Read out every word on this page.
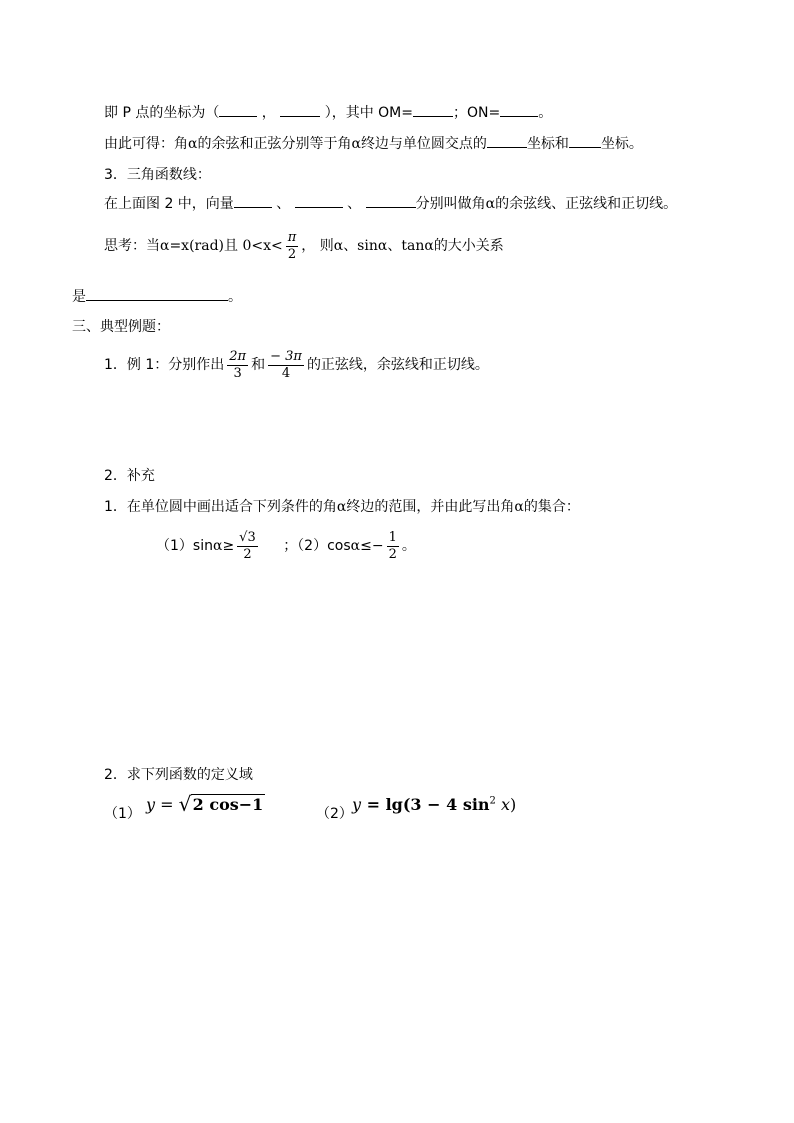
即 P 点的坐标为（	，	），其中 OM=	；ON=	。
由此可得：角α的余弦和正弦分别等于角α终边与单位圆交点的	坐标和 坐标。
3．三角函数线：
在上面图 2 中，向量	、	、	分别叫做角α的余弦线、正弦线和正切线。
思考：当α=x(rad)且 $0<x< \frac{\pi}{2}$ ， 则α、sinα、tanα的大小关系
是	。
三、典型例题：
1．例 1：分别作出 $\frac{2\pi}{3}$ 和 $\frac{- 3\pi}{4}$ 的正弦线，余弦线和正切线。
2．补充
1．在单位圆中画出适合下列条件的角α终边的范围，并由此写出角α的集合：
$(1)\sin\alpha\ge \frac{√3}{2}$ ；$(2)\cos\alpha\le- \frac{1}{2}$ 。
2．求下列函数的定义域
（1） y = √ 2 cos−1	（2） y = lg(3 − 4 $\sin^2 x$)
